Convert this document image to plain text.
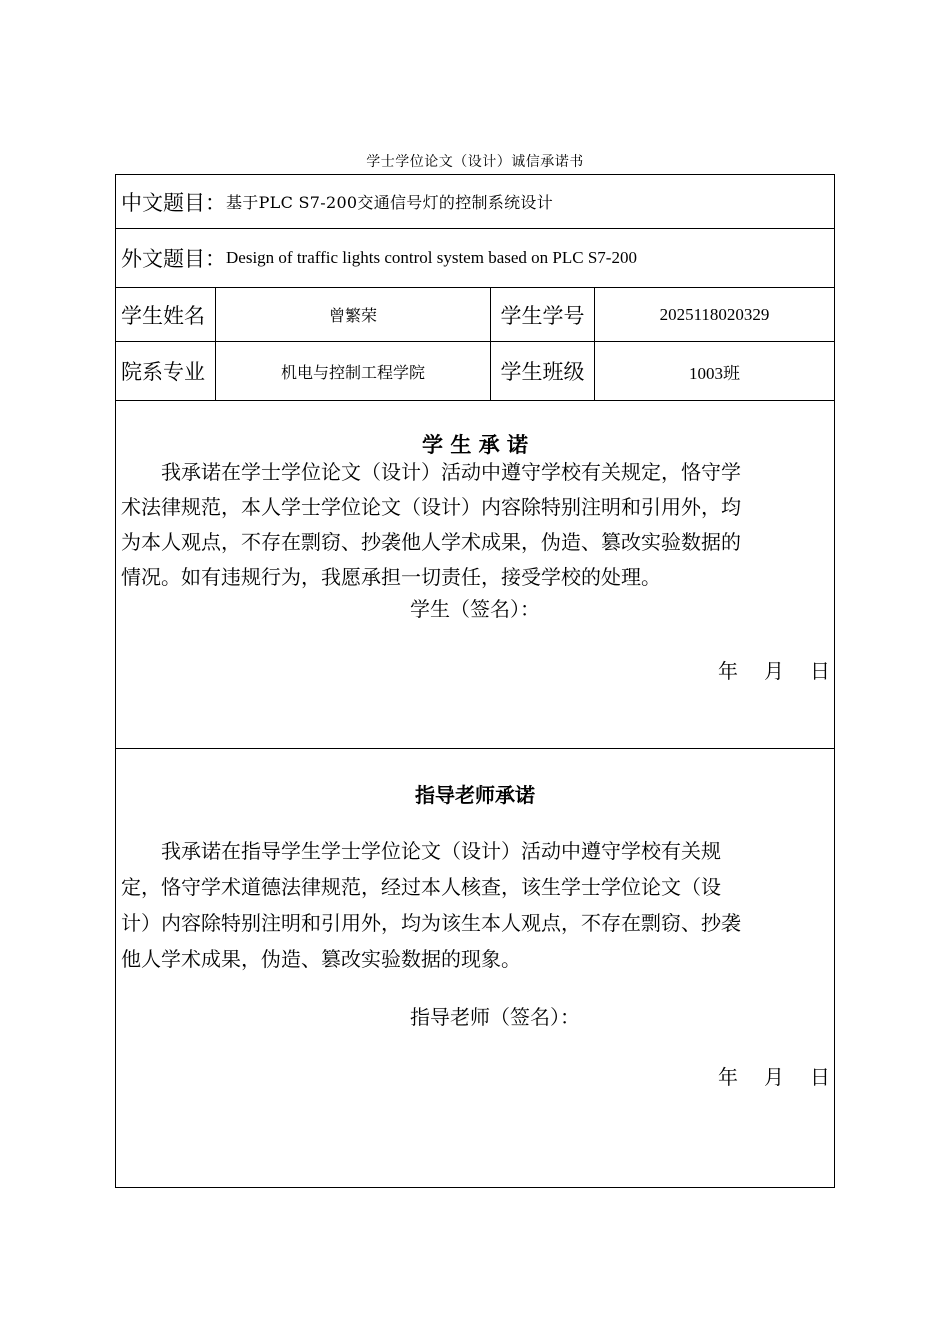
学士学位论文（设计）诚信承诺书
中文题目： 基于PLC S7-200交通信号灯的控制系统设计
外文题目： Design of traffic lights control system based on PLC S7-200
学生姓名	曾繁荣	学生学号	2025118020329
院系专业	机电与控制工程学院	学生班级	1003班
学 生 承 诺
　　我承诺在学士学位论文（设计）活动中遵守学校有关规定，恪守学
术法律规范，本人学士学位论文（设计）内容除特别注明和引用外，均
为本人观点，不存在剽窃、抄袭他人学术成果，伪造、篡改实验数据的
情况。如有违规行为，我愿承担一切责任，接受学校的处理。
学生（签名）：
年 月 日
指导老师承诺
　　我承诺在指导学生学士学位论文（设计）活动中遵守学校有关规
定，恪守学术道德法律规范，经过本人核查，该生学士学位论文（设
计）内容除特别注明和引用外，均为该生本人观点，不存在剽窃、抄袭
他人学术成果，伪造、篡改实验数据的现象。
指导老师（签名）：
年 月 日
